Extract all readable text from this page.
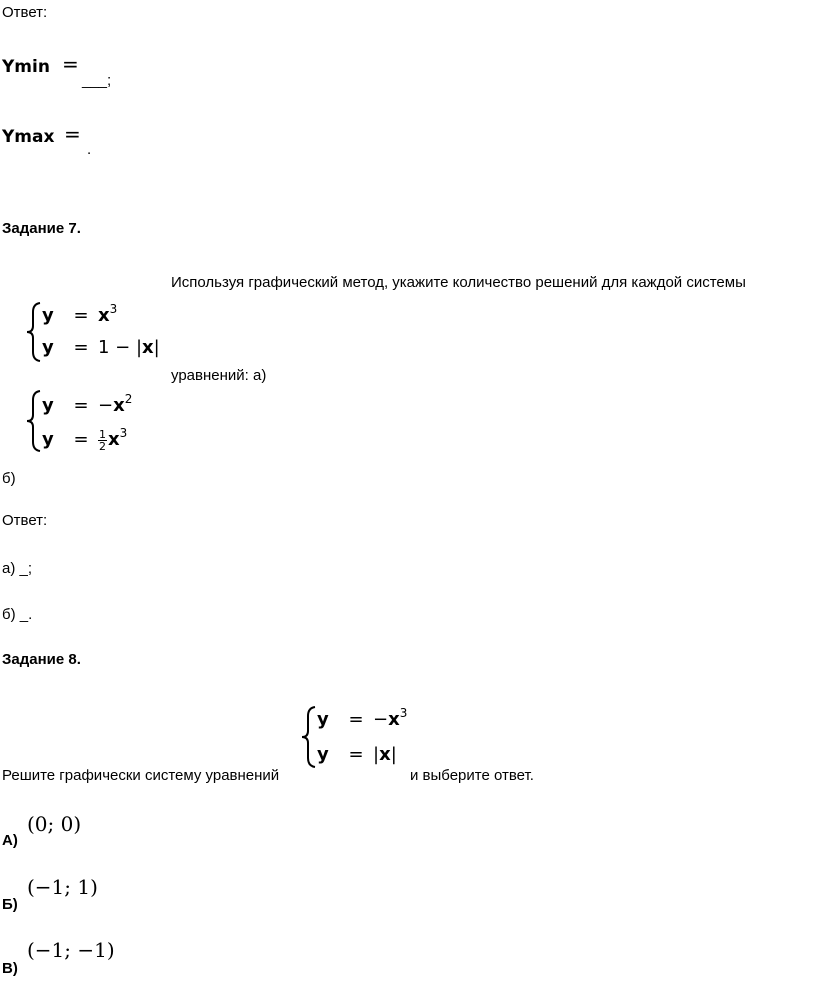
Ответ:
Ymin =
___;
Ymax =
.
Задание 7.
Используя графический метод, укажите количество решений для каждой системы
$y = x^3$
y = 1 − |x|
уравнений: а)
$y = -x^2$
$y = \frac{1}{2} x^3$
б)
Ответ:
а) _;
б) _.
Задание 8.
$y = -x^3$
y = |x|
Решите графически систему уравнений	и выберите ответ.
А)
(0; 0)
Б)
(−1; 1)
В)
(−1; −1)
